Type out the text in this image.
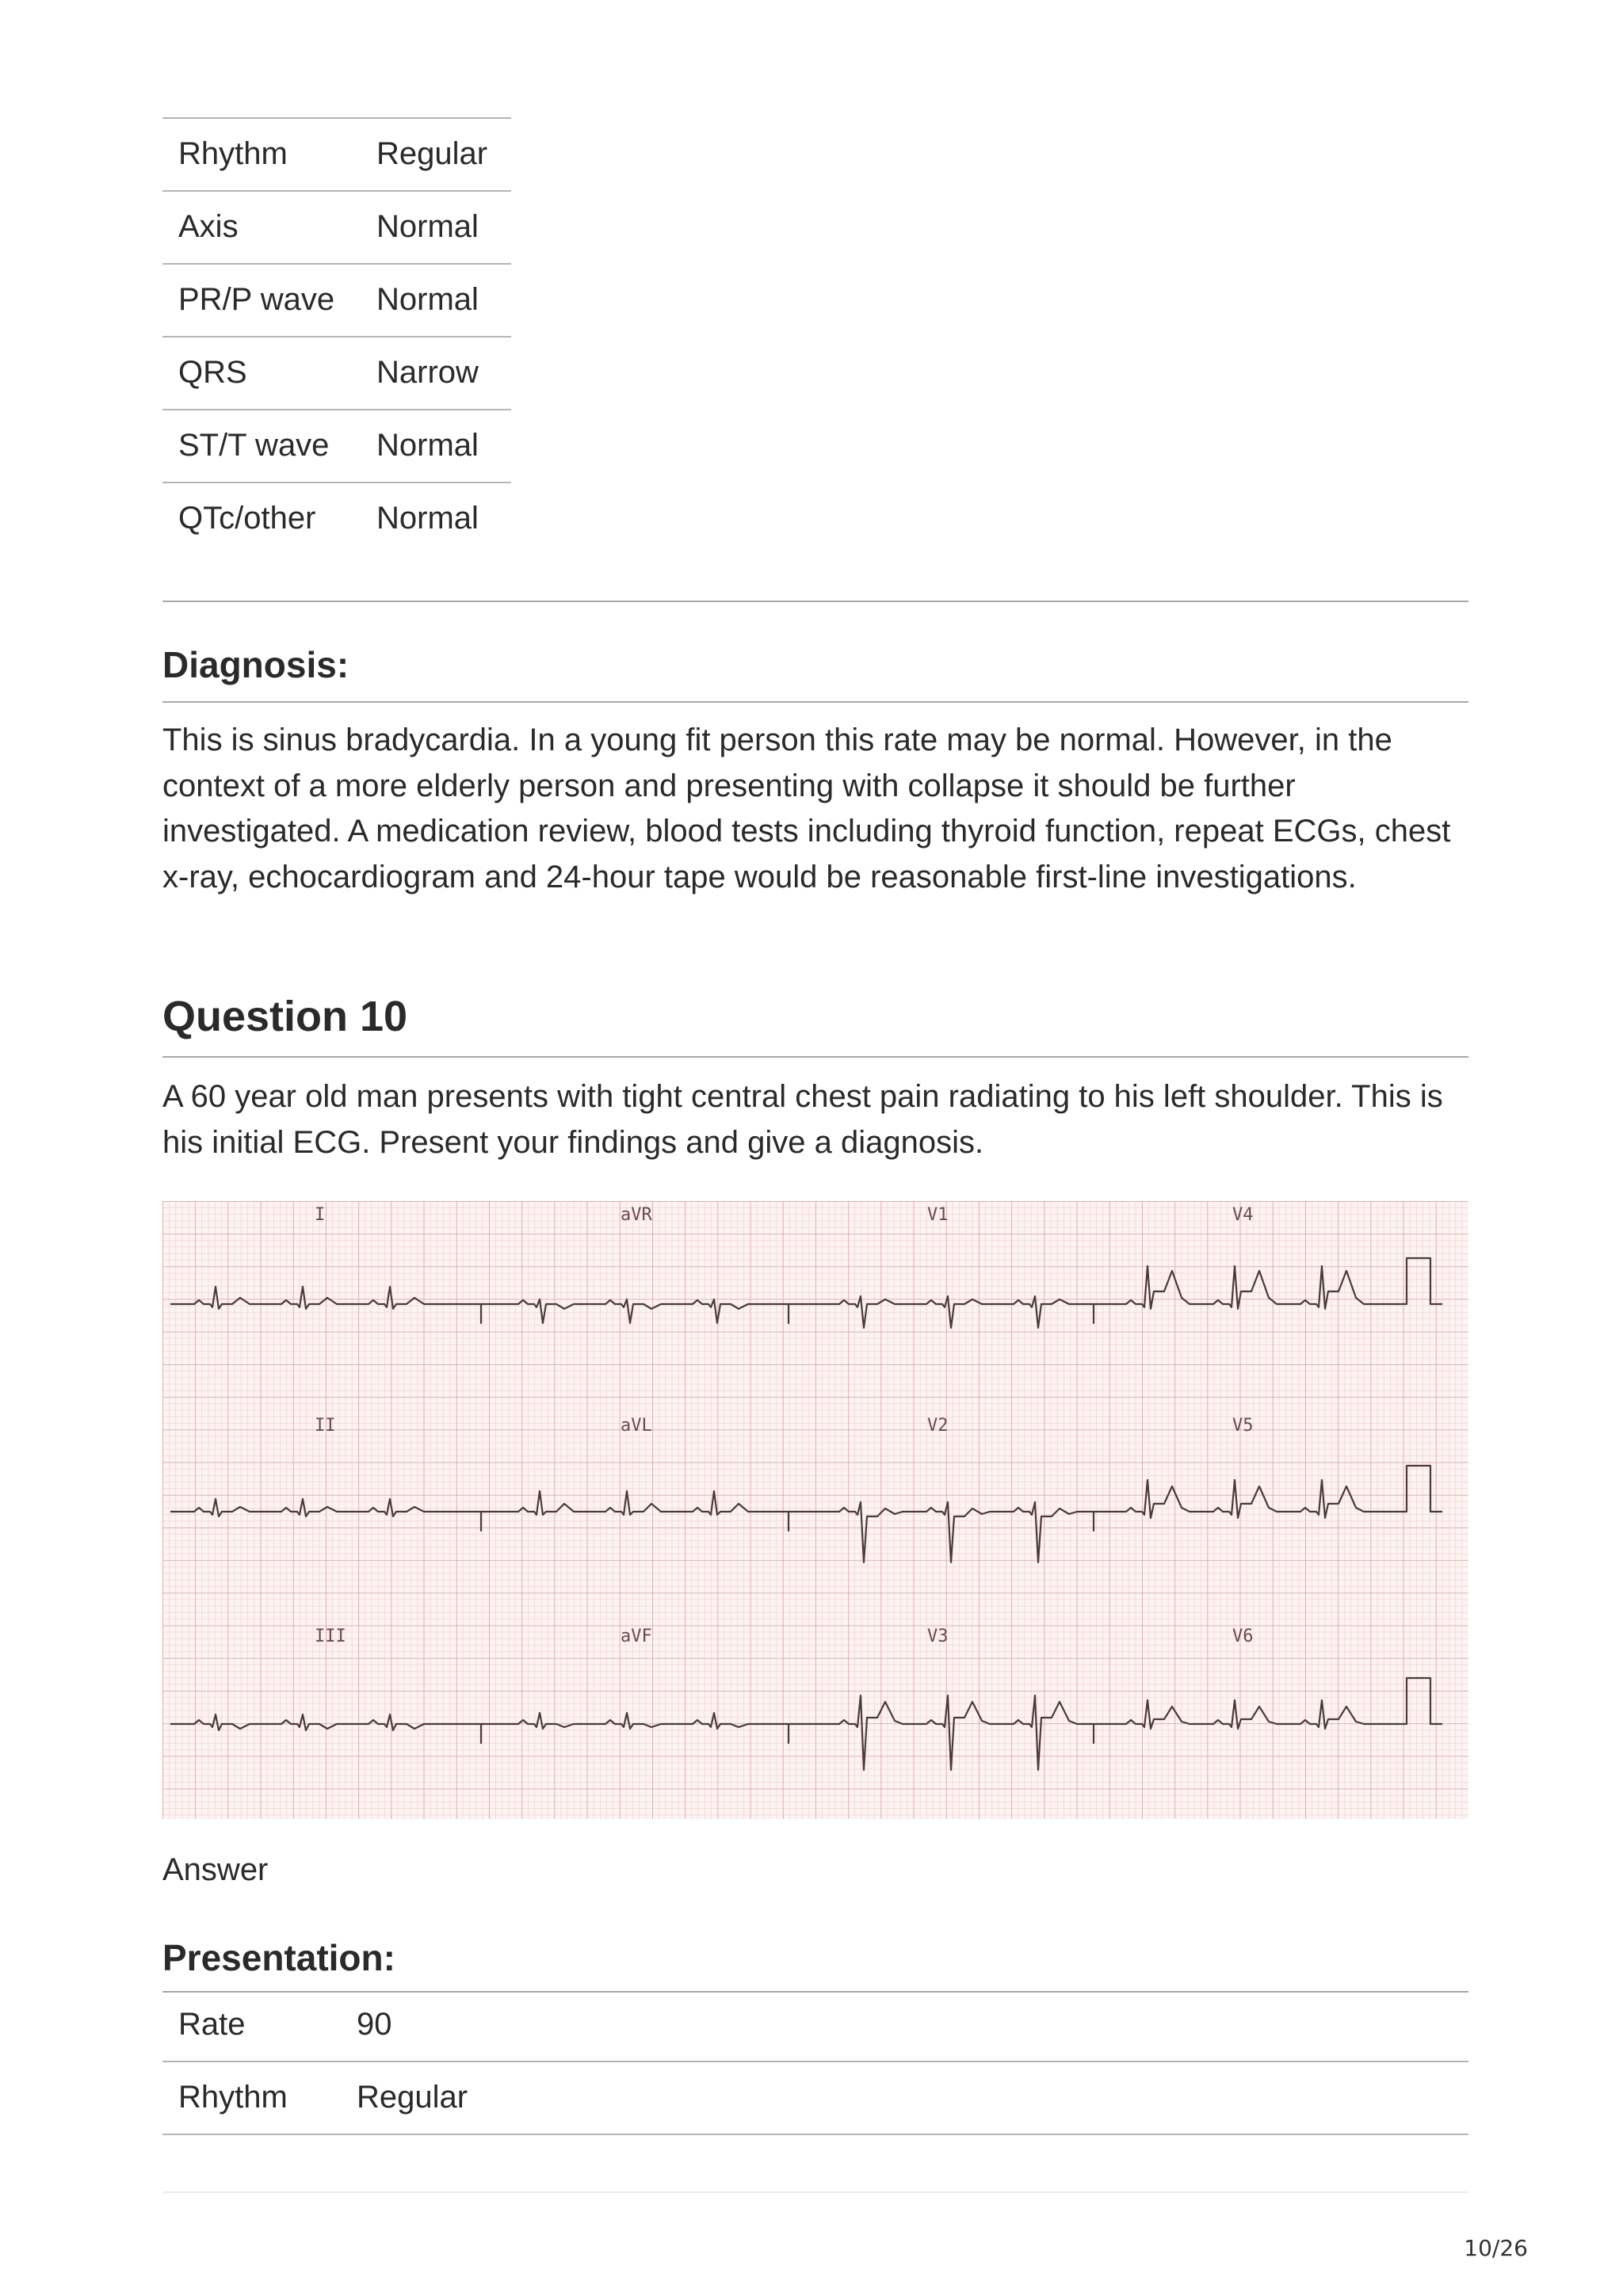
Rhythm	Regular
Axis	Normal
PR/P wave Normal
QRS	Narrow
ST/T wave Normal
QTc/other Normal
Diagnosis:
This is sinus bradycardia. In a young fit person this rate may be normal. However, in the context of a more elderly person and presenting with collapse it should be further investigated. A medication review, blood tests including thyroid function, repeat ECGs, chest x-ray, echocardiogram and 24-hour tape would be reasonable first-line investigations.
Question 10
A 60 year old man presents with tight central chest pain radiating to his left shoulder. This is his initial ECG. Present your findings and give a diagnosis.
I	aVR	V1	V4
II	aVL	V2	V5
III	aVF	V3	V6
Answer
Presentation:
Rate	90
Rhythm Regular
10/26
